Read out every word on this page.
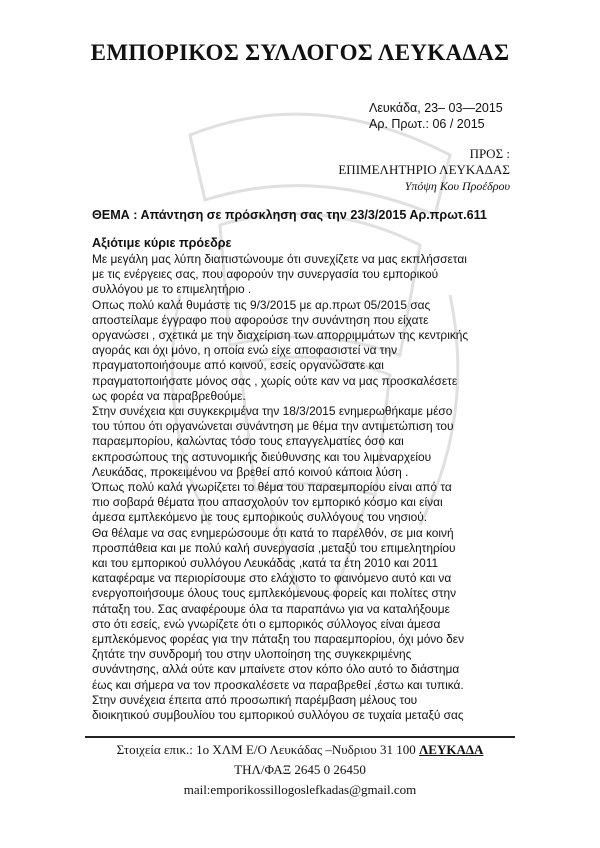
ΕΜΠΟΡΙΚΟΣ ΣΥΛΛΟΓΟΣ ΛΕΥΚΑΔΑΣ
Λευκάδα, 23– 03—2015
Αρ. Πρωτ.: 06 / 2015
ΠΡΟΣ :
ΕΠΙΜΕΛΗΤΗΡΙΟ ΛΕΥΚΑΔΑΣ
Υπόψη Κου Προέδρου
ΘΕΜΑ : Απάντηση σε πρόσκληση σας την 23/3/2015 Αρ.πρωτ.611
Αξιότιμε κύριε πρόεδρε
Με μεγάλη μας λύπη διαπιστώνουμε ότι συνεχίζετε να μας εκπλήσσεται
με τις ενέργειες σας, που αφορούν την συνεργασία του εμπορικού
συλλόγου με το επιμελητήριο .
Οπως πολύ καλά θυμάστε τις 9/3/2015 με αρ.πρωτ 05/2015 σας
αποστείλαμε έγγραφο που αφορούσε την συνάντηση που είχατε
οργανώσει , σχετικά με την διαχείριση των απορριμμάτων της κεντρικής
αγοράς και όχι μόνο, η οποία ενώ είχε αποφασιστεί να την
πραγματοποιήσουμε από κοινού, εσείς οργανώσατε και
πραγματοποιήσατε μόνος σας , χωρίς ούτε καν να μας προσκαλέσετε
ως φορέα να παραβρεθούμε.
Στην συνέχεια και συγκεκριμένα την 18/3/2015 ενημερωθήκαμε μέσο
του τύπου ότι οργανώνεται συνάντηση με θέμα την αντιμετώπιση του
παραεμπορίου, καλώντας τόσο τους επαγγελματίες όσο και
εκπροσώπους της αστυνομικής διεύθυνσης και του λιμεναρχείου
Λευκάδας, προκειμένου να βρεθεί από κοινού κάποια λύση .
Όπως πολύ καλά γνωρίζετει το θέμα του παραεμπορίου είναι από τα
πιο σοβαρά θέματα που απασχολούν τον εμπορικό κόσμο και είναι
άμεσα εμπλεκόμενο με τους εμπορικούς συλλόγους του νησιού.
Θα θέλαμε να σας ενημερώσουμε ότι κατά το παρελθόν, σε μια κοινή
προσπάθεια και με πολύ καλή συνεργασία ,μεταξύ του επιμελητηρίου
και του εμπορικού συλλόγου Λευκάδας ,κατά τα έτη 2010 και 2011
καταφέραμε να περιορίσουμε στο ελάχιστο το φαινόμενο αυτό και να
ενεργοποιήσουμε όλους τους εμπλεκόμενους φορείς και πολίτες στην
πάταξη του. Σας αναφέρουμε όλα τα παραπάνω για να καταλήξουμε
στο ότι εσείς, ενώ γνωρίζετε ότι ο εμπορικός σύλλογος είναι άμεσα
εμπλεκόμενος φορέας για την πάταξη του παραεμπορίου, όχι μόνο δεν
ζητάτε την συνδρομή του στην υλοποίηση της συγκεκριμένης
συνάντησης, αλλά ούτε καν μπαίνετε στον κόπο όλο αυτό το διάστημα
έως και σήμερα να τον προσκαλέσετε να παραβρεθεί ,έστω και τυπικά.
Στην συνέχεια έπειτα από προσωπική παρέμβαση μέλους του
διοικητικού συμβουλίου του εμπορικού συλλόγου σε τυχαία μεταξύ σας
Στοιχεία επικ.: 1ο ΧΛΜ Ε/Ο Λευκάδας –Νυδριου 31 100 ΛΕΥΚΑΔΑ
ΤΗΛ/ΦΑΞ 2645 0 26450
mail:emporikossillogoslefkadas@gmail.com
